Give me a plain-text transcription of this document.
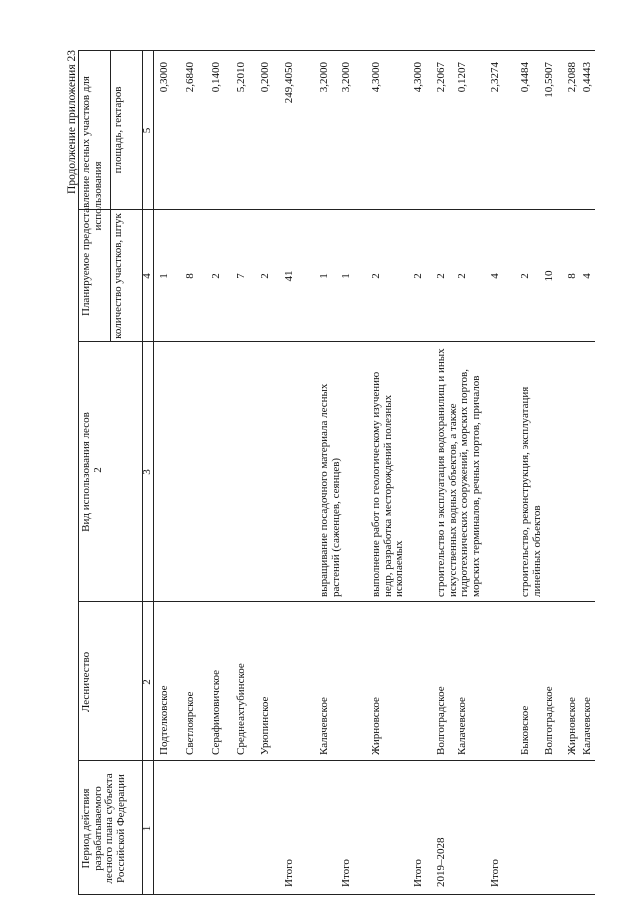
2
Продолжение приложения 23
Период действия разрабатываемого лесного плана субъекта Российской Федерации
Лесничество
Вид использования лесов
Планируемое предоставление лесных участков для использования
количество участков, штук
площадь, гектаров
1
2
3
4
5
Подтелковское
1
0,3000
Светлоярское
8
2,6840
Серафимовичское
2
0,1400
Среднеахтубинское
7
5,2010
Урюпинское
2
0,2000
Итого
41
249,4050
Калачевское
выращивание посадочного материала лесных растений (саженцев, сеянцев)
1
3,2000
Итого
1
3,2000
Жирновское
выполнение работ по геологическому изучению недр, разработка месторождений полезных ископаемых
2
4,3000
Итого
2
4,3000
2019–2028
Волгоградское
строительство и эксплуатация водохранилищ и иных искусственных водных объектов, а также гидротехнических сооружений, морских портов, морских терминалов, речных портов, причалов
2
2,2067
Калачевское
2
0,1207
Итого
4
2,3274
Быковское
строительство, реконструкция, эксплуатация линейных объектов
2
0,4484
Волгоградское
10
10,5907
Жирновское
8
2,2088
Калачевское
4
0,4443
